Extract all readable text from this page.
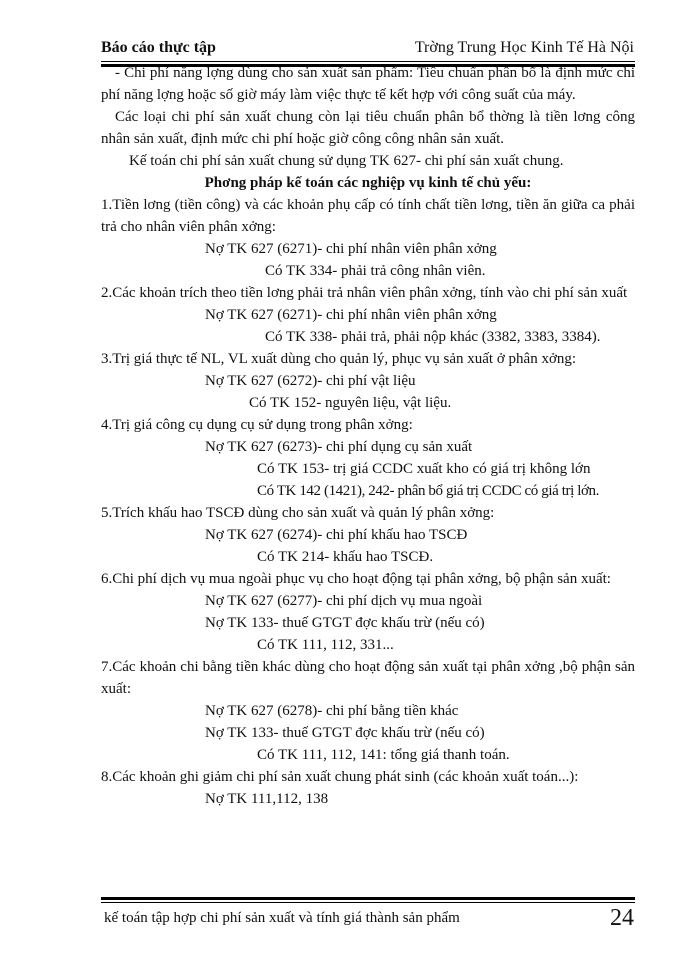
Báo cáo thực tập	Trờng Trung Học Kinh Tế Hà Nội

- Chi phí năng lợng dùng cho sản xuất sản phẩm: Tiêu chuẩn phân bổ là định mức chi phí năng lợng hoặc số giờ máy làm việc thực tế kết hợp với công suất của máy.

Các loại chi phí sản xuất chung còn lại tiêu chuẩn phân bổ thờng là tiền lơng công nhân sản xuất, định mức chi phí hoặc giờ công công nhân sản xuất.

Kế toán chi phí sản xuất chung sử dụng TK 627- chi phí sản xuất chung.

Phơng pháp kế toán các nghiệp vụ kinh tế chủ yếu:

1.Tiền lơng (tiền công) và các khoản phụ cấp có tính chất tiền lơng, tiền ăn giữa ca phải trả cho nhân viên phân xởng:

Nợ TK 627 (6271)- chi phí nhân viên phân xởng

Có TK 334- phải trả công nhân viên.

2.Các khoản trích theo tiền lơng phải trả nhân viên phân xởng, tính vào chi phí sản xuất

Nợ TK 627 (6271)- chi phí nhân viên phân xởng

Có TK 338- phải trả, phải nộp khác (3382, 3383, 3384).

3.Trị giá thực tế NL, VL xuất dùng cho quản lý, phục vụ sản xuất ở phân xởng:

Nợ TK 627 (6272)- chi phí vật liệu

Có TK 152- nguyên liệu, vật liệu.

4.Trị giá công cụ dụng cụ sử dụng trong phân xởng:

Nợ TK 627 (6273)- chi phí dụng cụ sản xuất

Có TK 153- trị giá CCDC xuất kho có giá trị không lớn

Có TK 142 (1421), 242- phân bổ giá trị CCDC có giá trị lớn.

5.Trích khấu hao TSCĐ dùng cho sản xuất và quản lý phân xởng:

Nợ TK 627 (6274)- chi phí khấu hao TSCĐ

Có TK 214- khấu hao TSCĐ.

6.Chi phí dịch vụ mua ngoài phục vụ cho hoạt động tại phân xởng, bộ phận sản xuất:

Nợ TK 627 (6277)- chi phí dịch vụ mua ngoài

Nợ TK 133- thuế GTGT đợc khấu trừ (nếu có)

Có TK 111, 112, 331...

7.Các khoản chi bằng tiền khác dùng cho hoạt động sản xuất tại phân xởng ,bộ phận sản xuất:

Nợ TK 627 (6278)- chi phí bằng tiền khác

Nợ TK 133- thuế GTGT đợc khấu trừ (nếu có)

Có TK 111, 112, 141: tổng giá thanh toán.

8.Các khoản ghi giảm chi phí sản xuất chung phát sinh (các khoản xuất toán...):

Nợ TK 111,112, 138

kế toán tập hợp chi phí sản xuất và tính giá thành sản phẩm	24
